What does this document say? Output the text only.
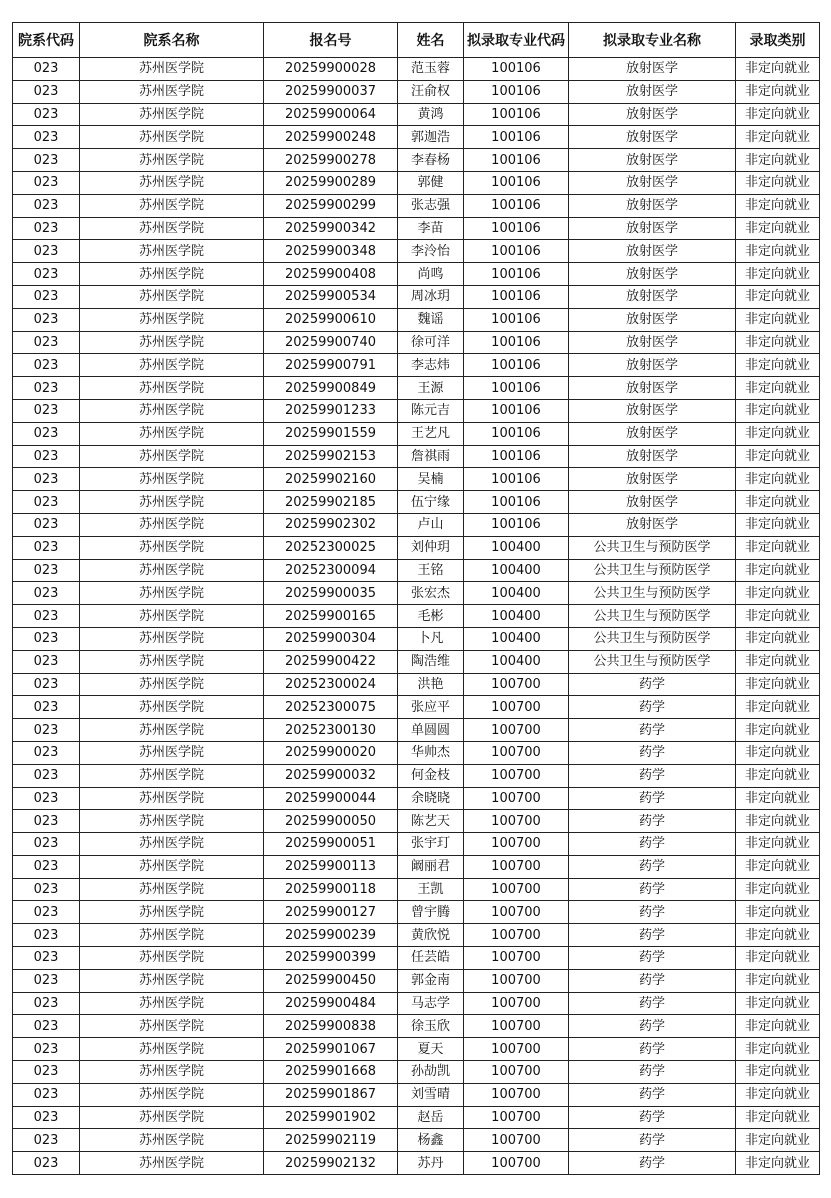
院系代码	院系名称	报名号	姓名	拟录取专业代码	拟录取专业名称	录取类别
023	苏州医学院	20259900028	范玉蓉	100106	放射医学	非定向就业
023	苏州医学院	20259900037	汪俞权	100106	放射医学	非定向就业
023	苏州医学院	20259900064	黄鸿	100106	放射医学	非定向就业
023	苏州医学院	20259900248	郭迦浩	100106	放射医学	非定向就业
023	苏州医学院	20259900278	李春杨	100106	放射医学	非定向就业
023	苏州医学院	20259900289	郭健	100106	放射医学	非定向就业
023	苏州医学院	20259900299	张志强	100106	放射医学	非定向就业
023	苏州医学院	20259900342	李苗	100106	放射医学	非定向就业
023	苏州医学院	20259900348	李泠怡	100106	放射医学	非定向就业
023	苏州医学院	20259900408	尚鸣	100106	放射医学	非定向就业
023	苏州医学院	20259900534	周冰玥	100106	放射医学	非定向就业
023	苏州医学院	20259900610	魏谣	100106	放射医学	非定向就业
023	苏州医学院	20259900740	徐可洋	100106	放射医学	非定向就业
023	苏州医学院	20259900791	李志炜	100106	放射医学	非定向就业
023	苏州医学院	20259900849	王源	100106	放射医学	非定向就业
023	苏州医学院	20259901233	陈元吉	100106	放射医学	非定向就业
023	苏州医学院	20259901559	王艺凡	100106	放射医学	非定向就业
023	苏州医学院	20259902153	詹祺雨	100106	放射医学	非定向就业
023	苏州医学院	20259902160	吴楠	100106	放射医学	非定向就业
023	苏州医学院	20259902185	伍宁缘	100106	放射医学	非定向就业
023	苏州医学院	20259902302	卢山	100106	放射医学	非定向就业
023	苏州医学院	20252300025	刘仲玥	100400	公共卫生与预防医学	非定向就业
023	苏州医学院	20252300094	王铭	100400	公共卫生与预防医学	非定向就业
023	苏州医学院	20259900035	张宏杰	100400	公共卫生与预防医学	非定向就业
023	苏州医学院	20259900165	毛彬	100400	公共卫生与预防医学	非定向就业
023	苏州医学院	20259900304	卜凡	100400	公共卫生与预防医学	非定向就业
023	苏州医学院	20259900422	陶浩维	100400	公共卫生与预防医学	非定向就业
023	苏州医学院	20252300024	洪艳	100700	药学	非定向就业
023	苏州医学院	20252300075	张应平	100700	药学	非定向就业
023	苏州医学院	20252300130	单圆圆	100700	药学	非定向就业
023	苏州医学院	20259900020	华帅杰	100700	药学	非定向就业
023	苏州医学院	20259900032	何金枝	100700	药学	非定向就业
023	苏州医学院	20259900044	余晓晓	100700	药学	非定向就业
023	苏州医学院	20259900050	陈艺天	100700	药学	非定向就业
023	苏州医学院	20259900051	张宇玎	100700	药学	非定向就业
023	苏州医学院	20259900113	阚丽君	100700	药学	非定向就业
023	苏州医学院	20259900118	王凯	100700	药学	非定向就业
023	苏州医学院	20259900127	曾宇腾	100700	药学	非定向就业
023	苏州医学院	20259900239	黄欣悦	100700	药学	非定向就业
023	苏州医学院	20259900399	任芸皓	100700	药学	非定向就业
023	苏州医学院	20259900450	郭金南	100700	药学	非定向就业
023	苏州医学院	20259900484	马志学	100700	药学	非定向就业
023	苏州医学院	20259900838	徐玉欣	100700	药学	非定向就业
023	苏州医学院	20259901067	夏天	100700	药学	非定向就业
023	苏州医学院	20259901668	孙劼凯	100700	药学	非定向就业
023	苏州医学院	20259901867	刘雪晴	100700	药学	非定向就业
023	苏州医学院	20259901902	赵岳	100700	药学	非定向就业
023	苏州医学院	20259902119	杨鑫	100700	药学	非定向就业
023	苏州医学院	20259902132	苏丹	100700	药学	非定向就业
